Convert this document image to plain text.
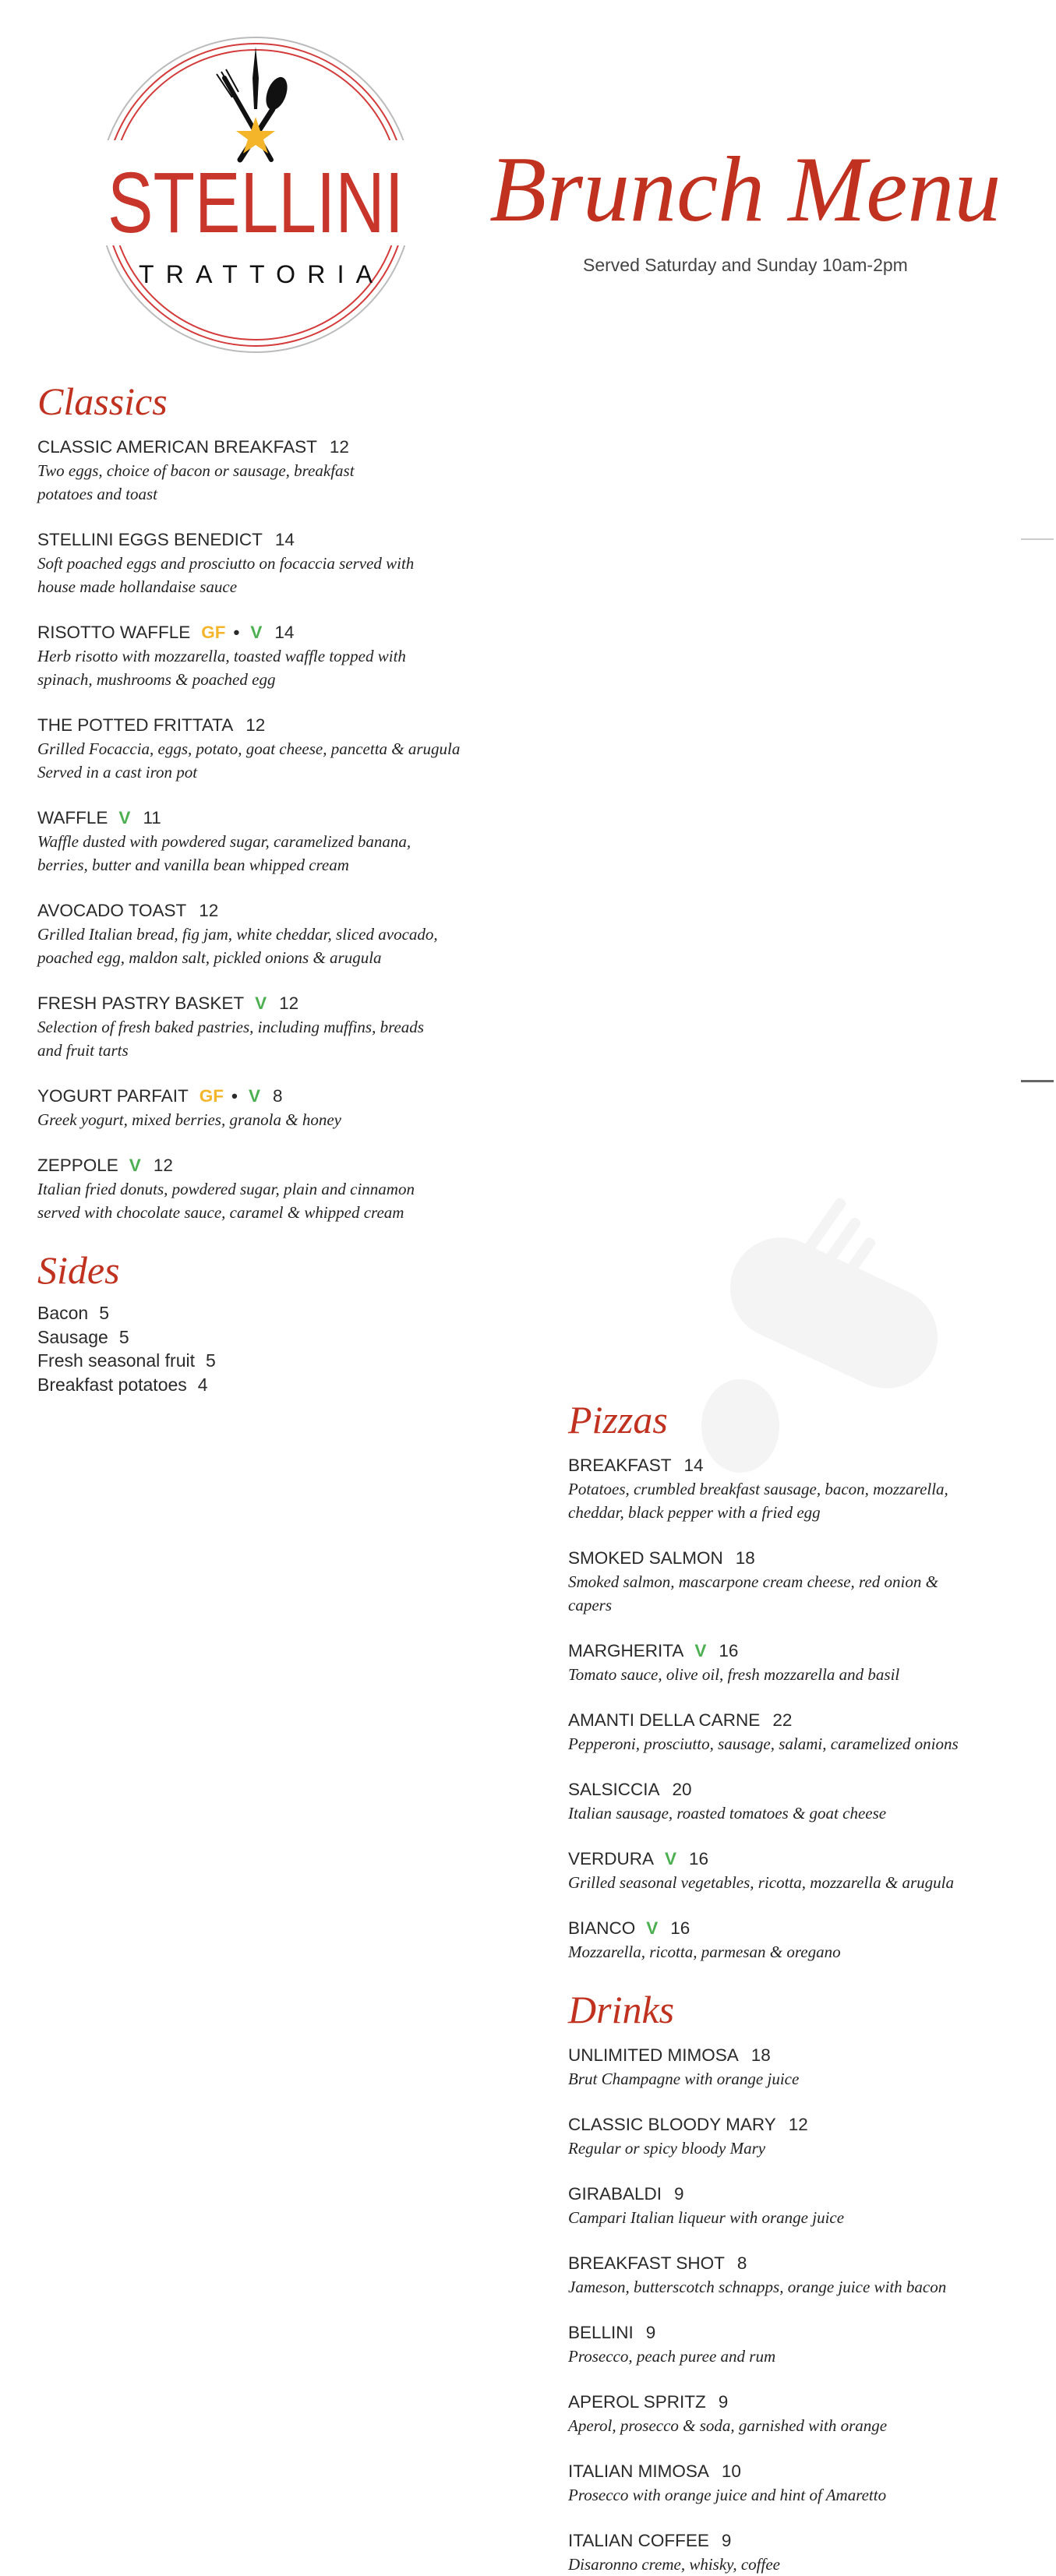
STELLINI
TRATTORIA
Brunch Menu
Served Saturday and Sunday 10am-2pm
Classics
CLASSIC AMERICAN BREAKFAST 12
Two eggs, choice of bacon or sausage, breakfast
potatoes and toast
STELLINI EGGS BENEDICT 14
Soft poached eggs and prosciutto on focaccia served with
house made hollandaise sauce
RISOTTO WAFFLE GF • V 14
Herb risotto with mozzarella, toasted waffle topped with
spinach, mushrooms & poached egg
THE POTTED FRITTATA 12
Grilled Focaccia, eggs, potato, goat cheese, pancetta & arugula
Served in a cast iron pot
WAFFLE V 11
Waffle dusted with powdered sugar, caramelized banana,
berries, butter and vanilla bean whipped cream
AVOCADO TOAST 12
Grilled Italian bread, fig jam, white cheddar, sliced avocado,
poached egg, maldon salt, pickled onions & arugula
FRESH PASTRY BASKET V 12
Selection of fresh baked pastries, including muffins, breads
and fruit tarts
YOGURT PARFAIT GF • V 8
Greek yogurt, mixed berries, granola & honey
ZEPPOLE V 12
Italian fried donuts, powdered sugar, plain and cinnamon
served with chocolate sauce, caramel & whipped cream
Sides
Bacon 5
Sausage 5
Fresh seasonal fruit 5
Breakfast potatoes 4
Pizzas
BREAKFAST 14
Potatoes, crumbled breakfast sausage, bacon, mozzarella,
cheddar, black pepper with a fried egg
SMOKED SALMON 18
Smoked salmon, mascarpone cream cheese, red onion &
capers
MARGHERITA V 16
Tomato sauce, olive oil, fresh mozzarella and basil
AMANTI DELLA CARNE 22
Pepperoni, prosciutto, sausage, salami, caramelized onions
SALSICCIA 20
Italian sausage, roasted tomatoes & goat cheese
VERDURA V 16
Grilled seasonal vegetables, ricotta, mozzarella & arugula
BIANCO V 16
Mozzarella, ricotta, parmesan & oregano
Drinks
UNLIMITED MIMOSA 18
Brut Champagne with orange juice
CLASSIC BLOODY MARY 12
Regular or spicy bloody Mary
GIRABALDI 9
Campari Italian liqueur with orange juice
BREAKFAST SHOT 8
Jameson, butterscotch schnapps, orange juice with bacon
BELLINI 9
Prosecco, peach puree and rum
APEROL SPRITZ 9
Aperol, prosecco & soda, garnished with orange
ITALIAN MIMOSA 10
Prosecco with orange juice and hint of Amaretto
ITALIAN COFFEE 9
Disaronno creme, whisky, coffee
